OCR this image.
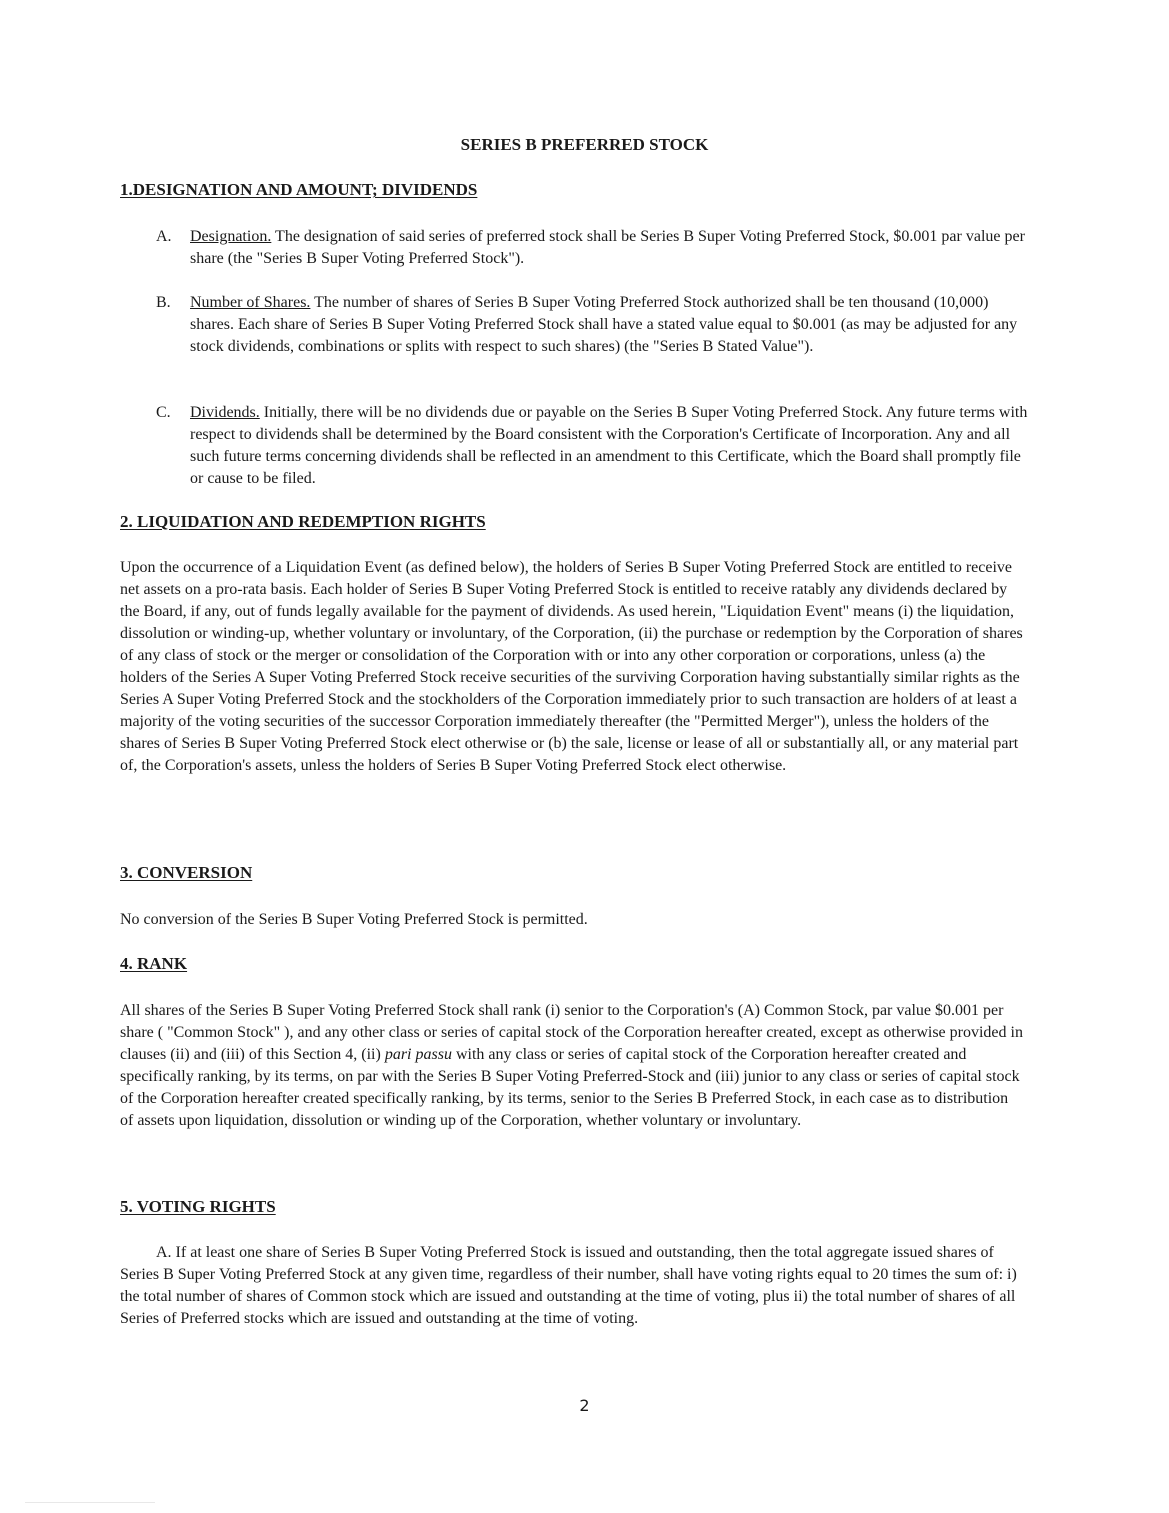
SERIES B PREFERRED STOCK
1.DESIGNATION AND AMOUNT; DIVIDENDS
A. Designation. The designation of said series of preferred stock shall be Series B Super Voting Preferred Stock, $0.001 par value per share (the "Series B Super Voting Preferred Stock").
B. Number of Shares. The number of shares of Series B Super Voting Preferred Stock authorized shall be ten thousand (10,000) shares. Each share of Series B Super Voting Preferred Stock shall have a stated value equal to $0.001 (as may be adjusted for any stock dividends, combinations or splits with respect to such shares) (the "Series B Stated Value").
C. Dividends. Initially, there will be no dividends due or payable on the Series B Super Voting Preferred Stock. Any future terms with respect to dividends shall be determined by the Board consistent with the Corporation's Certificate of Incorporation. Any and all such future terms concerning dividends shall be reflected in an amendment to this Certificate, which the Board shall promptly file or cause to be filed.
2. LIQUIDATION AND REDEMPTION RIGHTS

Upon the occurrence of a Liquidation Event (as defined below), the holders of Series B Super Voting Preferred Stock are entitled to receive net assets on a pro-rata basis. Each holder of Series B Super Voting Preferred Stock is entitled to receive ratably any dividends declared by the Board, if any, out of funds legally available for the payment of dividends. As used herein, "Liquidation Event" means (i) the liquidation, dissolution or winding-up, whether voluntary or involuntary, of the Corporation, (ii) the purchase or redemption by the Corporation of shares of any class of stock or the merger or consolidation of the Corporation with or into any other corporation or corporations, unless (a) the holders of the Series A Super Voting Preferred Stock receive securities of the surviving Corporation having substantially similar rights as the Series A Super Voting Preferred Stock and the stockholders of the Corporation immediately prior to such transaction are holders of at least a majority of the voting securities of the successor Corporation immediately thereafter (the "Permitted Merger"), unless the holders of the shares of Series B Super Voting Preferred Stock elect otherwise or (b) the sale, license or lease of all or substantially all, or any material part of, the Corporation's assets, unless the holders of Series B Super Voting Preferred Stock elect otherwise.

3. CONVERSION

No conversion of the Series B Super Voting Preferred Stock is permitted.

4. RANK

All shares of the Series B Super Voting Preferred Stock shall rank (i) senior to the Corporation's (A) Common Stock, par value $0.001 per share ( "Common Stock" ), and any other class or series of capital stock of the Corporation hereafter created, except as otherwise provided in clauses (ii) and (iii) of this Section 4, (ii) pari passu with any class or series of capital stock of the Corporation hereafter created and specifically ranking, by its terms, on par with the Series B Super Voting Preferred-Stock and (iii) junior to any class or series of capital stock of the Corporation hereafter created specifically ranking, by its terms, senior to the Series B Preferred Stock, in each case as to distribution of assets upon liquidation, dissolution or winding up of the Corporation, whether voluntary or involuntary.

5. VOTING RIGHTS

A. If at least one share of Series B Super Voting Preferred Stock is issued and outstanding, then the total aggregate issued shares of Series B Super Voting Preferred Stock at any given time, regardless of their number, shall have voting rights equal to 20 times the sum of: i) the total number of shares of Common stock which are issued and outstanding at the time of voting, plus ii) the total number of shares of all Series of Preferred stocks which are issued and outstanding at the time of voting.

2
